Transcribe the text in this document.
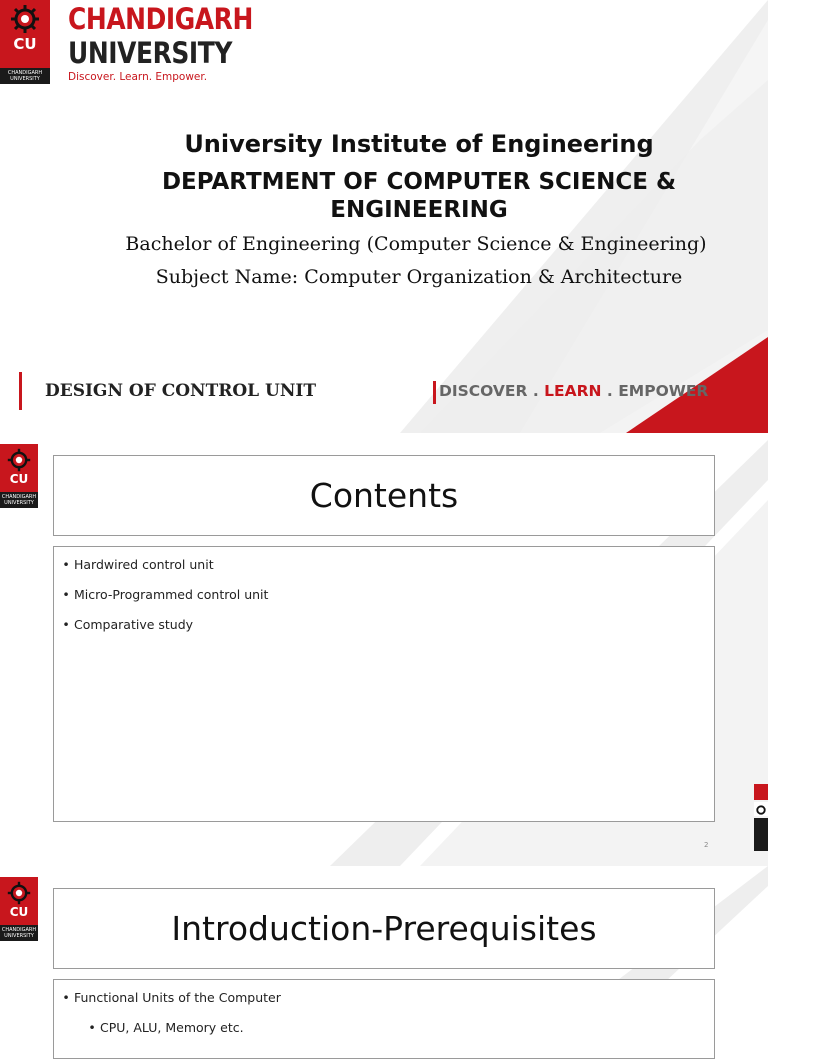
CU
CHANDIGARH UNIVERSITY
CHANDIGARH
UNIVERSITY
Discover. Learn. Empower.
University Institute of Engineering
DEPARTMENT OF COMPUTER SCIENCE & ENGINEERING
Bachelor of Engineering (Computer Science & Engineering)
Subject Name: Computer Organization & Architecture
DESIGN OF CONTROL UNIT	DISCOVER . LEARN . EMPOWER
CU
CHANDIGARH UNIVERSITY	Contents
• Hardwired control unit
• Micro-Programmed control unit
• Comparative study
2
CU
CHANDIGARH UNIVERSITY	Introduction-Prerequisites
• Functional Units of the Computer
• CPU, ALU, Memory etc.
